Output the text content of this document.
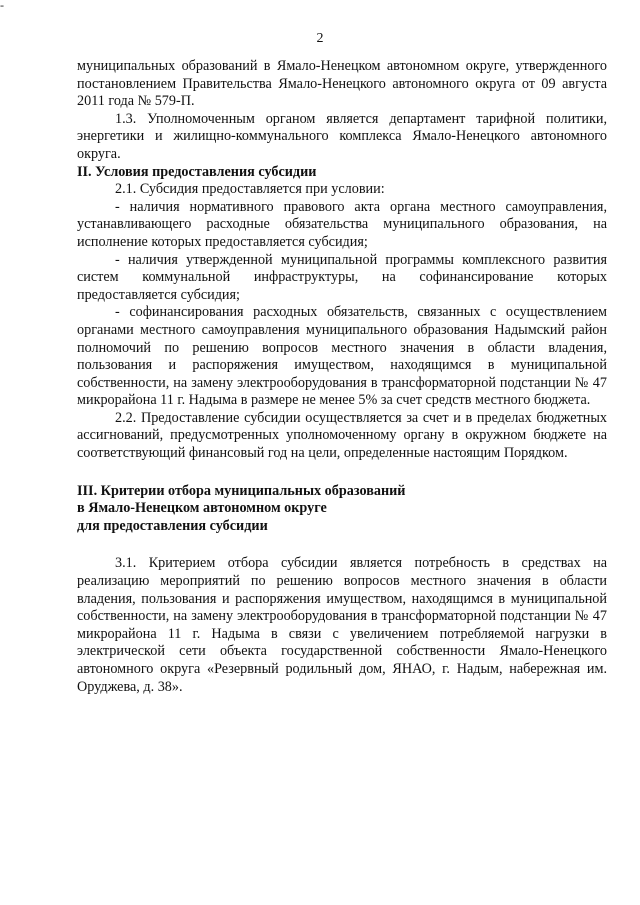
-
2

муниципальных образований в Ямало-Ненецком автономном округе, утвержденного постановлением Правительства Ямало-Ненецкого автономного округа от 09 августа 2011 года № 579-П.

1.3. Уполномоченным органом является департамент тарифной политики, энергетики и жилищно-коммунального комплекса Ямало-Ненецкого автономного округа.

II. Условия предоставления субсидии

2.1. Субсидия предоставляется при условии:

- наличия нормативного правового акта органа местного самоуправления, устанавливающего расходные обязательства муниципального образования, на исполнение которых предоставляется субсидия;

- наличия утвержденной муниципальной программы комплексного развития систем коммунальной инфраструктуры, на софинансирование которых предоставляется субсидия;

- софинансирования расходных обязательств, связанных с осуществлением органами местного самоуправления муниципального образования Надымский район полномочий по решению вопросов местного значения в области владения, пользования и распоряжения имуществом, находящимся в муниципальной собственности, на замену электрооборудования в трансформаторной подстанции № 47 микрорайона 11 г. Надыма в размере не менее 5% за счет средств местного бюджета.

2.2. Предоставление субсидии осуществляется за счет и в пределах бюджетных ассигнований, предусмотренных уполномоченному органу в окружном бюджете на соответствующий финансовый год на цели, определенные настоящим Порядком.

III. Критерии отбора муниципальных образований

в Ямало-Ненецком автономном округе

для предоставления субсидии

3.1. Критерием отбора субсидии является потребность в средствах на реализацию мероприятий по решению вопросов местного значения в области владения, пользования и распоряжения имуществом, находящимся в муниципальной собственности, на замену электрооборудования в трансформаторной подстанции № 47 микрорайона 11 г. Надыма в связи с увеличением потребляемой нагрузки в электрической сети объекта государственной собственности Ямало-Ненецкого автономного округа «Резервный родильный дом, ЯНАО, г. Надым, набережная им. Оруджева, д. 38».
